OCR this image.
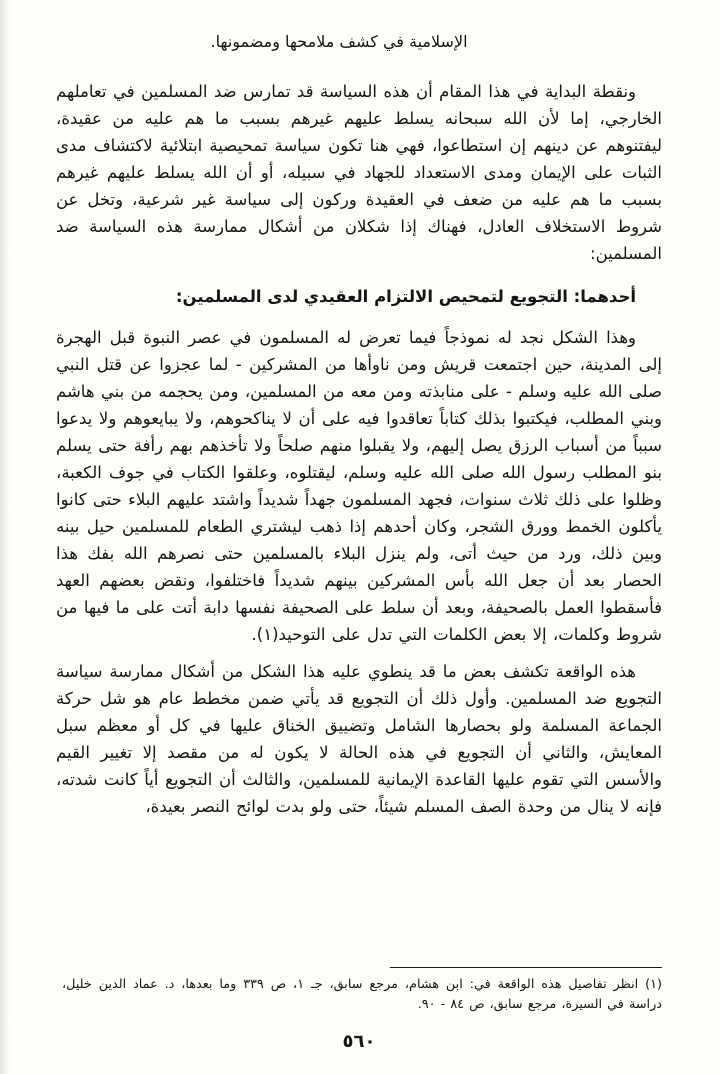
الإسلامية في كشف ملامحها ومضمونها.

ونقطة البداية في هذا المقام أن هذه السياسة قد تمارس ضد المسلمين في تعاملهم الخارجي، إما لأن الله سبحانه يسلط عليهم غيرهم بسبب ما هم عليه من عقيدة، ليفتنوهم عن دينهم إن استطاعوا، فهي هنا تكون سياسة تمحيصية ابتلائية لاكتشاف مدى الثبات على الإيمان ومدى الاستعداد للجهاد في سبيله، أو أن الله يسلط عليهم غيرهم بسبب ما هم عليه من ضعف في العقيدة وركون إلى سياسة غير شرعية، وتخل عن شروط الاستخلاف العادل، فهناك إذا شكلان من أشكال ممارسة هذه السياسة ضد المسلمين:

أحدهما: التجويع لتمحيص الالتزام العقيدي لدى المسلمين:

وهذا الشكل نجد له نموذجاً فيما تعرض له المسلمون في عصر النبوة قبل الهجرة إلى المدينة، حين اجتمعت قريش ومن ناوأها من المشركين - لما عجزوا عن قتل النبي صلى الله عليه وسلم - على منابذته ومن معه من المسلمين، ومن يحجمه من بني هاشم وبني المطلب، فيكتبوا بذلك كتاباً تعاقدوا فيه على أن لا يناكحوهم، ولا يبايعوهم ولا يدعوا سبباً من أسباب الرزق يصل إليهم، ولا يقبلوا منهم صلحاً ولا تأخذهم بهم رأفة حتى يسلم بنو المطلب رسول الله صلى الله عليه وسلم، ليقتلوه، وعلقوا الكتاب في جوف الكعبة، وظلوا على ذلك ثلاث سنوات، فجهد المسلمون جهداً شديداً واشتد عليهم البلاء حتى كانوا يأكلون الخمط وورق الشجر، وكان أحدهم إذا ذهب ليشتري الطعام للمسلمين حيل بينه وبين ذلك، ورد من حيث أتى، ولم ينزل البلاء بالمسلمين حتى نصرهم الله بفك هذا الحصار بعد أن جعل الله بأس المشركين بينهم شديداً فاختلفوا، ونقض بعضهم العهد فأسقطوا العمل بالصحيفة، وبعد أن سلط على الصحيفة نفسها دابة أتت على ما فيها من شروط وكلمات، إلا بعض الكلمات التي تدل على التوحيد(١).

هذه الواقعة تكشف بعض ما قد ينطوي عليه هذا الشكل من أشكال ممارسة سياسة التجويع ضد المسلمين. وأول ذلك أن التجويع قد يأتي ضمن مخطط عام هو شل حركة الجماعة المسلمة ولو بحصارها الشامل وتضييق الخناق عليها في كل أو معظم سبل المعايش، والثاني أن التجويع في هذه الحالة لا يكون له من مقصد إلا تغيير القيم والأسس التي تقوم عليها القاعدة الإيمانية للمسلمين، والثالث أن التجويع أياً كانت شدته، فإنه لا ينال من وحدة الصف المسلم شيئاً، حتى ولو بدت لوائح النصر بعيدة،

(١) انظر تفاصيل هذه الواقعة في: ابن هشام، مرجع سابق، جـ ١، ص ٣٣٩ وما بعدها، د. عماد الدين خليل، دراسة في السيرة، مرجع سابق، ص ٨٤ - ٩٠.
٥٦٠
